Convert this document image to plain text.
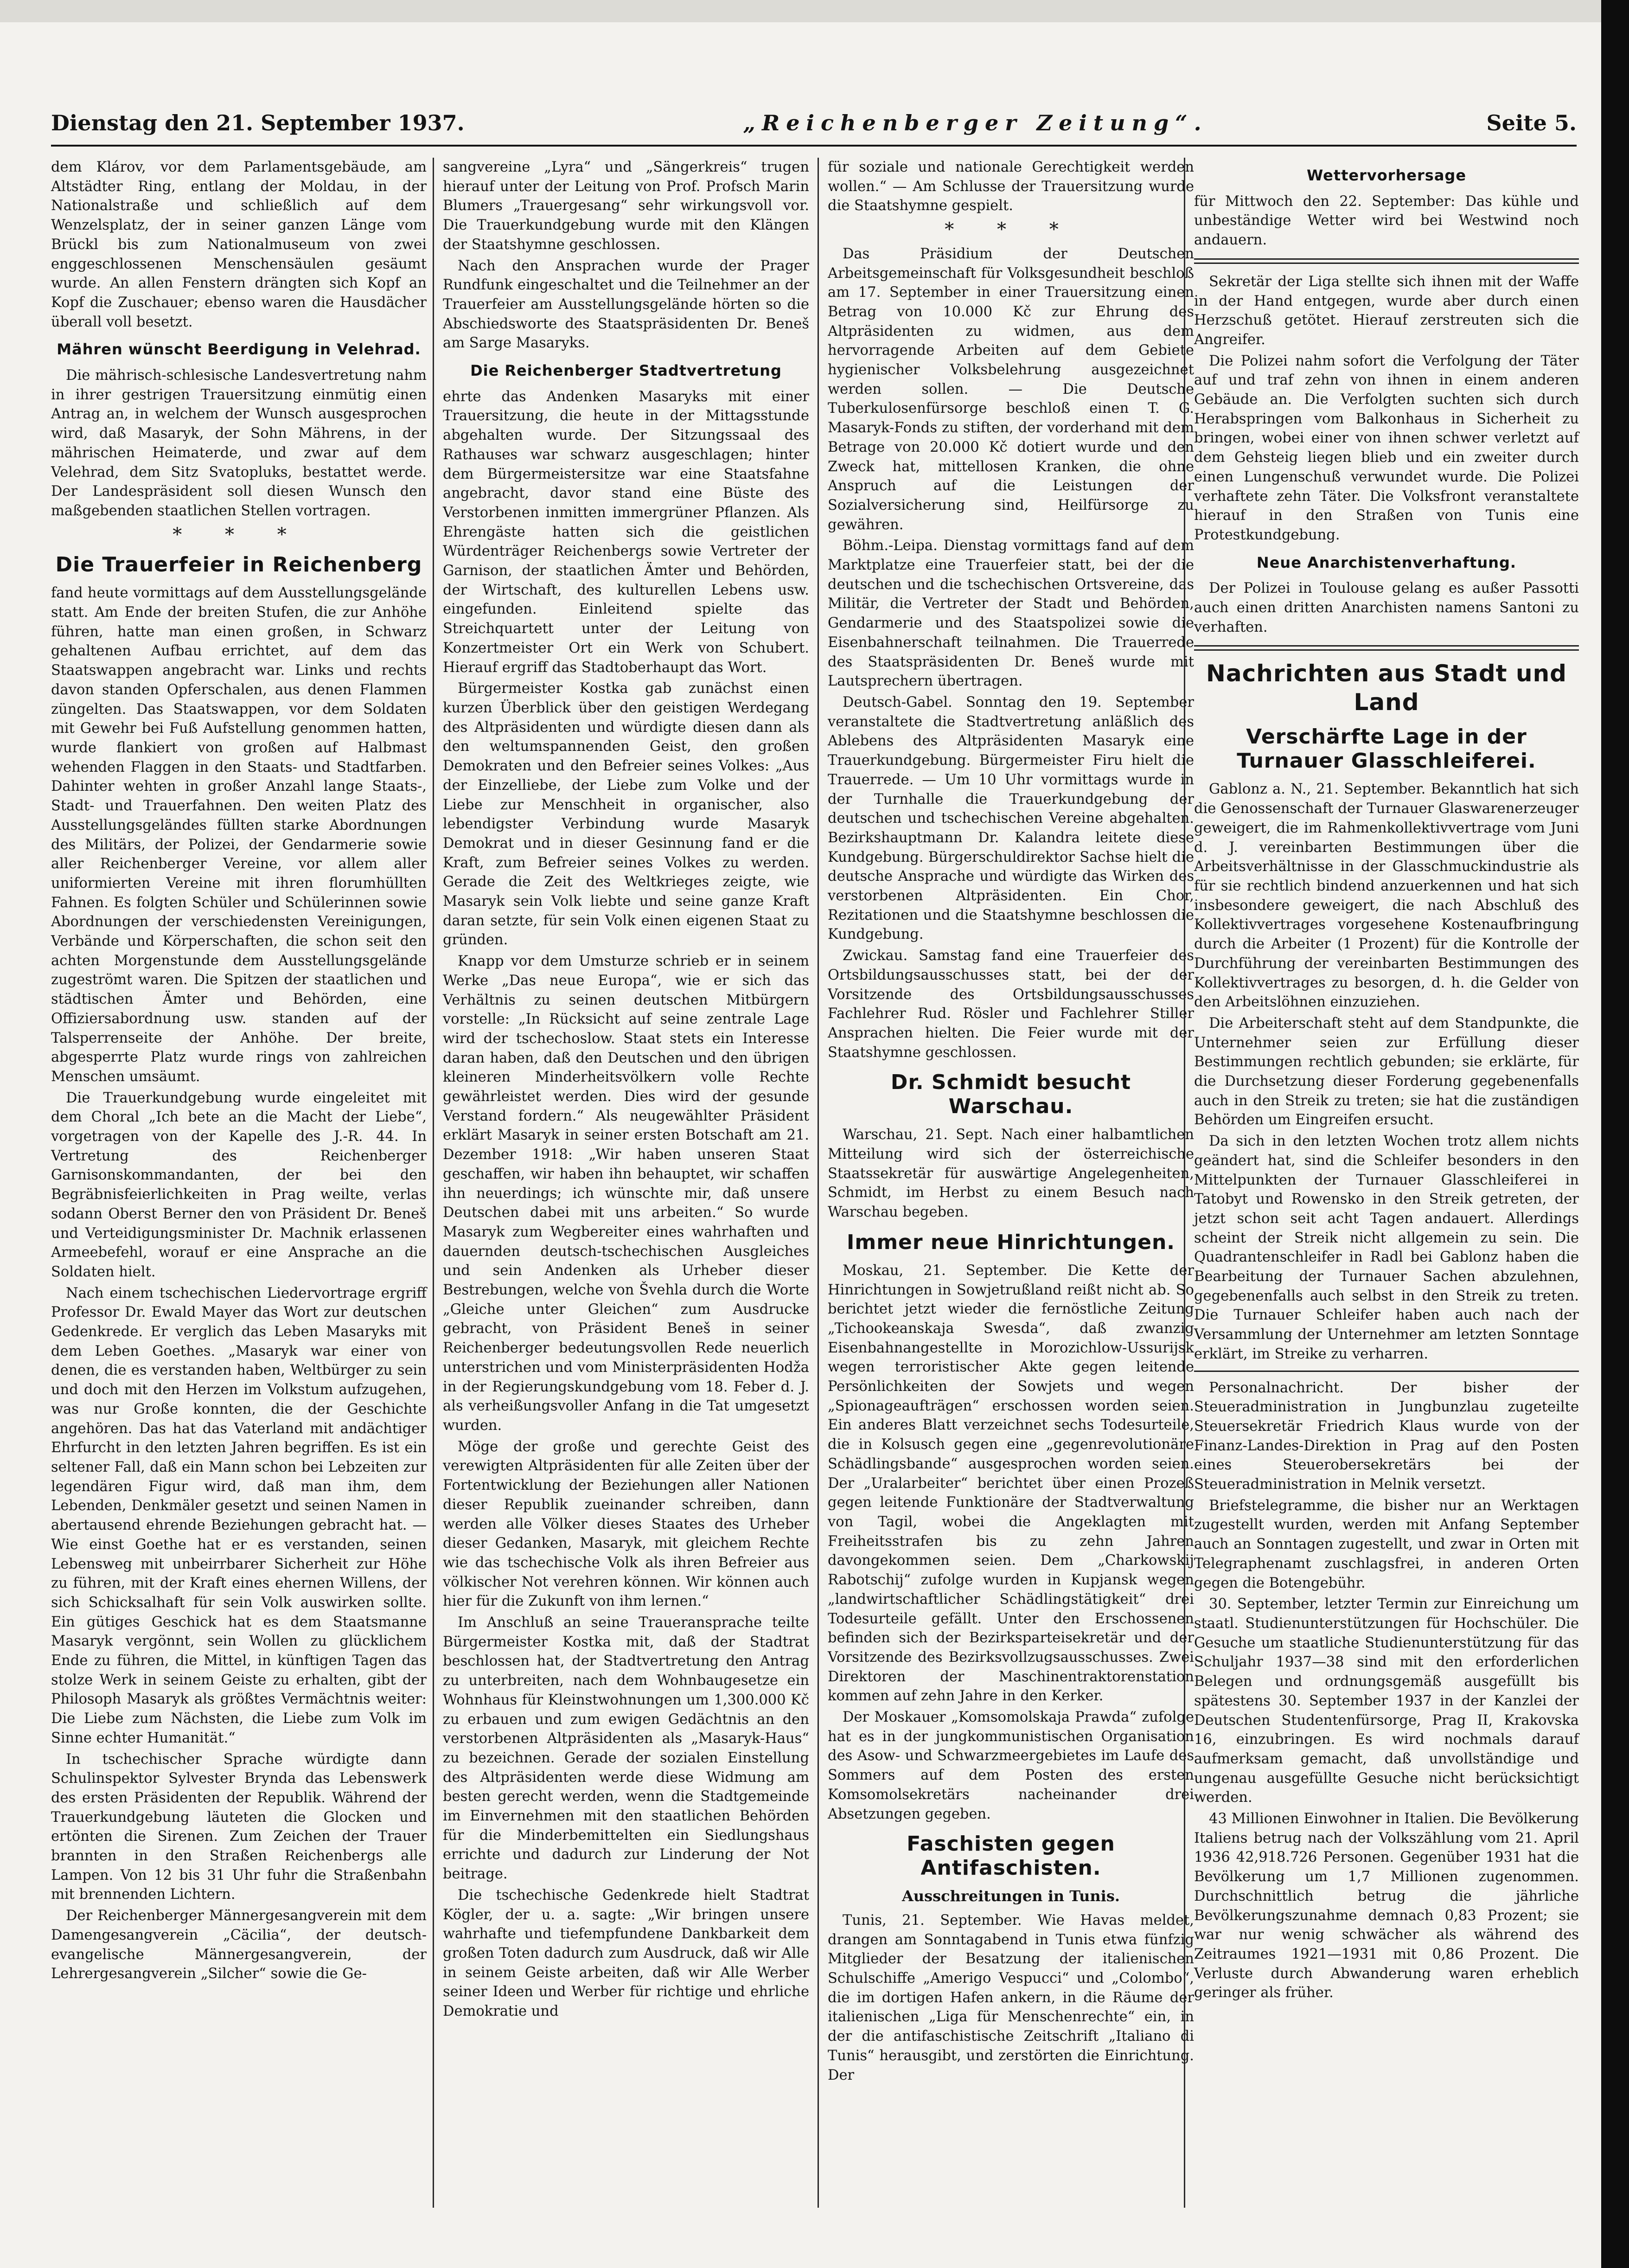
Dienstag den 21. September 1937.	„Reichenberger Zeitung“.	Seite 5.

dem Klárov, vor dem Parlamentsgebäude, am Altstädter Ring, entlang der Moldau, in der Nationalstraße und schließlich auf dem Wenzelsplatz, der in seiner ganzen Länge vom Brückl bis zum Nationalmuseum von zwei enggeschlossenen Menschensäulen gesäumt wurde. An allen Fenstern drängten sich Kopf an Kopf die Zuschauer; ebenso waren die Hausdächer überall voll besetzt.

Mähren wünscht Beerdigung in Velehrad.

Die mährisch-schlesische Landesvertretung nahm in ihrer gestrigen Trauersitzung einmütig einen Antrag an, in welchem der Wunsch ausgesprochen wird, daß Masaryk, der Sohn Mährens, in der mährischen Heimaterde, und zwar auf dem Velehrad, dem Sitz Svatopluks, bestattet werde. Der Landespräsident soll diesen Wunsch den maßgebenden staatlichen Stellen vortragen.

* * *
Die Trauerfeier in Reichenberg

fand heute vormittags auf dem Ausstellungsgelände statt. Am Ende der breiten Stufen, die zur Anhöhe führen, hatte man einen großen, in Schwarz gehaltenen Aufbau errichtet, auf dem das Staatswappen angebracht war. Links und rechts davon standen Opferschalen, aus denen Flammen züngelten. Das Staatswappen, vor dem Soldaten mit Gewehr bei Fuß Aufstellung genommen hatten, wurde flankiert von großen auf Halbmast wehenden Flaggen in den Staats- und Stadtfarben. Dahinter wehten in großer Anzahl lange Staats-, Stadt- und Trauerfahnen. Den weiten Platz des Ausstellungsgeländes füllten starke Abordnungen des Militärs, der Polizei, der Gendarmerie sowie aller Reichenberger Vereine, vor allem aller uniformierten Vereine mit ihren florumhüllten Fahnen. Es folgten Schüler und Schülerinnen sowie Abordnungen der verschiedensten Vereinigungen, Verbände und Körperschaften, die schon seit den achten Morgenstunde dem Ausstellungsgelände zugeströmt waren. Die Spitzen der staatlichen und städtischen Ämter und Behörden, eine Offiziersabordnung usw. standen auf der Talsperrenseite der Anhöhe. Der breite, abgesperrte Platz wurde rings von zahlreichen Menschen umsäumt.

Die Trauerkundgebung wurde eingeleitet mit dem Choral „Ich bete an die Macht der Liebe“, vorgetragen von der Kapelle des J.-R. 44. In Vertretung des Reichenberger Garnisonskommandanten, der bei den Begräbnisfeierlichkeiten in Prag weilte, verlas sodann Oberst Berner den von Präsident Dr. Beneš und Verteidigungsminister Dr. Machnik erlassenen Armeebefehl, worauf er eine Ansprache an die Soldaten hielt.

Nach einem tschechischen Liedervortrage ergriff Professor Dr. Ewald Mayer das Wort zur deutschen Gedenkrede. Er verglich das Leben Masaryks mit dem Leben Goethes. „Masaryk war einer von denen, die es verstanden haben, Weltbürger zu sein und doch mit den Herzen im Volkstum aufzugehen, was nur Große konnten, die der Geschichte angehören. Das hat das Vaterland mit andächtiger Ehrfurcht in den letzten Jahren begriffen. Es ist ein seltener Fall, daß ein Mann schon bei Lebzeiten zur legendären Figur wird, daß man ihm, dem Lebenden, Denkmäler gesetzt und seinen Namen in abertausend ehrende Beziehungen gebracht hat. — Wie einst Goethe hat er es verstanden, seinen Lebensweg mit unbeirrbarer Sicherheit zur Höhe zu führen, mit der Kraft eines ehernen Willens, der sich Schicksalhaft für sein Volk auswirken sollte. Ein gütiges Geschick hat es dem Staatsmanne Masaryk vergönnt, sein Wollen zu glücklichem Ende zu führen, die Mittel, in künftigen Tagen das stolze Werk in seinem Geiste zu erhalten, gibt der Philosoph Masaryk als größtes Vermächtnis weiter: Die Liebe zum Nächsten, die Liebe zum Volk im Sinne echter Humanität.“

In tschechischer Sprache würdigte dann Schulinspektor Sylvester Brynda das Lebenswerk des ersten Präsidenten der Republik. Während der Trauerkundgebung läuteten die Glocken und ertönten die Sirenen. Zum Zeichen der Trauer brannten in den Straßen Reichenbergs alle Lampen. Von 12 bis 31 Uhr fuhr die Straßenbahn mit brennenden Lichtern.

Der Reichenberger Männergesangverein mit dem Damengesangverein „Cäcilia“, der deutsch-evangelische Männergesangverein, der Lehrergesangverein „Silcher“ sowie die Ge-

sangvereine „Lyra“ und „Sängerkreis“ trugen hierauf unter der Leitung von Prof. Profsch Marin Blumers „Trauergesang“ sehr wirkungsvoll vor. Die Trauerkundgebung wurde mit den Klängen der Staatshymne geschlossen.

Nach den Ansprachen wurde der Prager Rundfunk eingeschaltet und die Teilnehmer an der Trauerfeier am Ausstellungsgelände hörten so die Abschiedsworte des Staatspräsidenten Dr. Beneš am Sarge Masaryks.

Die Reichenberger Stadtvertretung

ehrte das Andenken Masaryks mit einer Trauersitzung, die heute in der Mittagsstunde abgehalten wurde. Der Sitzungssaal des Rathauses war schwarz ausgeschlagen; hinter dem Bürgermeistersitze war eine Staatsfahne angebracht, davor stand eine Büste des Verstorbenen inmitten immergrüner Pflanzen. Als Ehrengäste hatten sich die geistlichen Würdenträger Reichenbergs sowie Vertreter der Garnison, der staatlichen Ämter und Behörden, der Wirtschaft, des kulturellen Lebens usw. eingefunden. Einleitend spielte das Streichquartett unter der Leitung von Konzertmeister Ort ein Werk von Schubert. Hierauf ergriff das Stadtoberhaupt das Wort.

Bürgermeister Kostka gab zunächst einen kurzen Überblick über den geistigen Werdegang des Altpräsidenten und würdigte diesen dann als den weltumspannenden Geist, den großen Demokraten und den Befreier seines Volkes: „Aus der Einzelliebe, der Liebe zum Volke und der Liebe zur Menschheit in organischer, also lebendigster Verbindung wurde Masaryk Demokrat und in dieser Gesinnung fand er die Kraft, zum Befreier seines Volkes zu werden. Gerade die Zeit des Weltkrieges zeigte, wie Masaryk sein Volk liebte und seine ganze Kraft daran setzte, für sein Volk einen eigenen Staat zu gründen.

Knapp vor dem Umsturze schrieb er in seinem Werke „Das neue Europa“, wie er sich das Verhältnis zu seinen deutschen Mitbürgern vorstelle: „In Rücksicht auf seine zentrale Lage wird der tschechoslow. Staat stets ein Interesse daran haben, daß den Deutschen und den übrigen kleineren Minderheitsvölkern volle Rechte gewährleistet werden. Dies wird der gesunde Verstand fordern.“ Als neugewählter Präsident erklärt Masaryk in seiner ersten Botschaft am 21. Dezember 1918: „Wir haben unseren Staat geschaffen, wir haben ihn behauptet, wir schaffen ihn neuerdings; ich wünschte mir, daß unsere Deutschen dabei mit uns arbeiten.“ So wurde Masaryk zum Wegbereiter eines wahrhaften und dauernden deutsch-tschechischen Ausgleiches und sein Andenken als Urheber dieser Bestrebungen, welche von Švehla durch die Worte „Gleiche unter Gleichen“ zum Ausdrucke gebracht, von Präsident Beneš in seiner Reichenberger bedeutungsvollen Rede neuerlich unterstrichen und vom Ministerpräsidenten Hodža in der Regierungskundgebung vom 18. Feber d. J. als verheißungsvoller Anfang in die Tat umgesetzt wurden.

Möge der große und gerechte Geist des verewigten Altpräsidenten für alle Zeiten über der Fortentwicklung der Beziehungen aller Nationen dieser Republik zueinander schreiben, dann werden alle Völker dieses Staates des Urheber dieser Gedanken, Masaryk, mit gleichem Rechte wie das tschechische Volk als ihren Befreier aus völkischer Not verehren können. Wir können auch hier für die Zukunft von ihm lernen.“

Im Anschluß an seine Traueransprache teilte Bürgermeister Kostka mit, daß der Stadtrat beschlossen hat, der Stadtvertretung den Antrag zu unterbreiten, nach dem Wohnbaugesetze ein Wohnhaus für Kleinstwohnungen um 1,300.000 Kč zu erbauen und zum ewigen Gedächtnis an den verstorbenen Altpräsidenten als „Masaryk-Haus“ zu bezeichnen. Gerade der sozialen Einstellung des Altpräsidenten werde diese Widmung am besten gerecht werden, wenn die Stadtgemeinde im Einvernehmen mit den staatlichen Behörden für die Minderbemittelten ein Siedlungshaus errichte und dadurch zur Linderung der Not beitrage.

Die tschechische Gedenkrede hielt Stadtrat Kögler, der u. a. sagte: „Wir bringen unsere wahrhafte und tiefempfundene Dankbarkeit dem großen Toten dadurch zum Ausdruck, daß wir Alle in seinem Geiste arbeiten, daß wir Alle Werber seiner Ideen und Werber für richtige und ehrliche Demokratie und

für soziale und nationale Gerechtigkeit werden wollen.“ — Am Schlusse der Trauersitzung wurde die Staatshymne gespielt.

* * *

Das Präsidium der Deutschen Arbeitsgemeinschaft für Volksgesundheit beschloß am 17. September in einer Trauersitzung einen Betrag von 10.000 Kč zur Ehrung des Altpräsidenten zu widmen, aus dem hervorragende Arbeiten auf dem Gebiete hygienischer Volksbelehrung ausgezeichnet werden sollen. — Die Deutsche Tuberkulosenfürsorge beschloß einen T. G. Masaryk-Fonds zu stiften, der vorderhand mit dem Betrage von 20.000 Kč dotiert wurde und den Zweck hat, mittellosen Kranken, die ohne Anspruch auf die Leistungen der Sozialversicherung sind, Heilfürsorge zu gewähren.

Böhm.-Leipa. Dienstag vormittags fand auf dem Marktplatze eine Trauerfeier statt, bei der die deutschen und die tschechischen Ortsvereine, das Militär, die Vertreter der Stadt und Behörden, Gendarmerie und des Staatspolizei sowie die Eisenbahnerschaft teilnahmen. Die Trauerrede des Staatspräsidenten Dr. Beneš wurde mit Lautsprechern übertragen.

Deutsch-Gabel. Sonntag den 19. September veranstaltete die Stadtvertretung anläßlich des Ablebens des Altpräsidenten Masaryk eine Trauerkundgebung. Bürgermeister Firu hielt die Trauerrede. — Um 10 Uhr vormittags wurde in der Turnhalle die Trauerkundgebung der deutschen und tschechischen Vereine abgehalten. Bezirkshauptmann Dr. Kalandra leitete diese Kundgebung. Bürgerschuldirektor Sachse hielt die deutsche Ansprache und würdigte das Wirken des verstorbenen Altpräsidenten. Ein Chor, Rezitationen und die Staatshymne beschlossen die Kundgebung.

Zwickau. Samstag fand eine Trauerfeier des Ortsbildungsausschusses statt, bei der der Vorsitzende des Ortsbildungsausschusses Fachlehrer Rud. Rösler und Fachlehrer Stiller Ansprachen hielten. Die Feier wurde mit der Staatshymne geschlossen.

Dr. Schmidt besucht Warschau.

Warschau, 21. Sept. Nach einer halbamtlichen Mitteilung wird sich der österreichische Staatssekretär für auswärtige Angelegenheiten, Schmidt, im Herbst zu einem Besuch nach Warschau begeben.

Immer neue Hinrichtungen.

Moskau, 21. September. Die Kette der Hinrichtungen in Sowjetrußland reißt nicht ab. So berichtet jetzt wieder die fernöstliche Zeitung „Tichookeanskaja Swesda“, daß zwanzig Eisenbahnangestellte in Morozichlow-Ussurijsk wegen terroristischer Akte gegen leitende Persönlichkeiten der Sowjets und wegen „Spionageaufträgen“ erschossen worden seien. Ein anderes Blatt verzeichnet sechs Todesurteile, die in Kolsusch gegen eine „gegenrevolutionäre Schädlingsbande“ ausgesprochen worden seien. Der „Uralarbeiter“ berichtet über einen Prozeß gegen leitende Funktionäre der Stadtverwaltung von Tagil, wobei die Angeklagten mit Freiheitsstrafen bis zu zehn Jahren davongekommen seien. Dem „Charkowskij Rabotschij“ zufolge wurden in Kupjansk wegen „landwirtschaftlicher Schädlingstätigkeit“ drei Todesurteile gefällt. Unter den Erschossenen befinden sich der Bezirksparteisekretär und der Vorsitzende des Bezirksvollzugsausschusses. Zwei Direktoren der Maschinentraktorenstation kommen auf zehn Jahre in den Kerker.

Der Moskauer „Komsomolskaja Prawda“ zufolge hat es in der jungkommunistischen Organisation des Asow- und Schwarzmeergebietes im Laufe des Sommers auf dem Posten des ersten Komsomolsekretärs nacheinander drei Absetzungen gegeben.

Faschisten gegen Antifaschisten.
Ausschreitungen in Tunis.

Tunis, 21. September. Wie Havas meldet, drangen am Sonntagabend in Tunis etwa fünfzig Mitglieder der Besatzung der italienischen Schulschiffe „Amerigo Vespucci“ und „Colombo“, die im dortigen Hafen ankern, in die Räume der italienischen „Liga für Menschenrechte“ ein, in der die antifaschistische Zeitschrift „Italiano di Tunis“ herausgibt, und zerstörten die Einrichtung. Der

Wettervorhersage

für Mittwoch den 22. September: Das kühle und unbeständige Wetter wird bei Westwind noch andauern.

Sekretär der Liga stellte sich ihnen mit der Waffe in der Hand entgegen, wurde aber durch einen Herzschuß getötet. Hierauf zerstreuten sich die Angreifer.

Die Polizei nahm sofort die Verfolgung der Täter auf und traf zehn von ihnen in einem anderen Gebäude an. Die Verfolgten suchten sich durch Herabspringen vom Balkonhaus in Sicherheit zu bringen, wobei einer von ihnen schwer verletzt auf dem Gehsteig liegen blieb und ein zweiter durch einen Lungenschuß verwundet wurde. Die Polizei verhaftete zehn Täter. Die Volksfront veranstaltete hierauf in den Straßen von Tunis eine Protestkundgebung.

Neue Anarchistenverhaftung.

Der Polizei in Toulouse gelang es außer Passotti auch einen dritten Anarchisten namens Santoni zu verhaften.

Nachrichten aus Stadt und Land
Verschärfte Lage in der Turnauer Glasschleiferei.

Gablonz a. N., 21. September. Bekanntlich hat sich die Genossenschaft der Turnauer Glaswarenerzeuger geweigert, die im Rahmenkollektivvertrage vom Juni d. J. vereinbarten Bestimmungen über die Arbeitsverhältnisse in der Glasschmuckindustrie als für sie rechtlich bindend anzuerkennen und hat sich insbesondere geweigert, die nach Abschluß des Kollektivvertrages vorgesehene Kostenaufbringung durch die Arbeiter (1 Prozent) für die Kontrolle der Durchführung der vereinbarten Bestimmungen des Kollektivvertrages zu besorgen, d. h. die Gelder von den Arbeitslöhnen einzuziehen.

Die Arbeiterschaft steht auf dem Standpunkte, die Unternehmer seien zur Erfüllung dieser Bestimmungen rechtlich gebunden; sie erklärte, für die Durchsetzung dieser Forderung gegebenenfalls auch in den Streik zu treten; sie hat die zuständigen Behörden um Eingreifen ersucht.

Da sich in den letzten Wochen trotz allem nichts geändert hat, sind die Schleifer besonders in den Mittelpunkten der Turnauer Glasschleiferei in Tatobyt und Rowensko in den Streik getreten, der jetzt schon seit acht Tagen andauert. Allerdings scheint der Streik nicht allgemein zu sein. Die Quadrantenschleifer in Radl bei Gablonz haben die Bearbeitung der Turnauer Sachen abzulehnen, gegebenenfalls auch selbst in den Streik zu treten. Die Turnauer Schleifer haben auch nach der Versammlung der Unternehmer am letzten Sonntage erklärt, im Streike zu verharren.

Personalnachricht. Der bisher der Steueradministration in Jungbunzlau zugeteilte Steuersekretär Friedrich Klaus wurde von der Finanz-Landes-Direktion in Prag auf den Posten eines Steuerobersekretärs bei der Steueradministration in Melnik versetzt.

Briefstelegramme, die bisher nur an Werktagen zugestellt wurden, werden mit Anfang September auch an Sonntagen zugestellt, und zwar in Orten mit Telegraphenamt zuschlagsfrei, in anderen Orten gegen die Botengebühr.

30. September, letzter Termin zur Einreichung um staatl. Studienunterstützungen für Hochschüler. Die Gesuche um staatliche Studienunterstützung für das Schuljahr 1937—38 sind mit den erforderlichen Belegen und ordnungsgemäß ausgefüllt bis spätestens 30. September 1937 in der Kanzlei der Deutschen Studentenfürsorge, Prag II, Krakovska 16, einzubringen. Es wird nochmals darauf aufmerksam gemacht, daß unvollständige und ungenau ausgefüllte Gesuche nicht berücksichtigt werden.

43 Millionen Einwohner in Italien. Die Bevölkerung Italiens betrug nach der Volkszählung vom 21. April 1936 42,918.726 Personen. Gegenüber 1931 hat die Bevölkerung um 1,7 Millionen zugenommen. Durchschnittlich betrug die jährliche Bevölkerungszunahme demnach 0,83 Prozent; sie war nur wenig schwächer als während des Zeitraumes 1921—1931 mit 0,86 Prozent. Die Verluste durch Abwanderung waren erheblich geringer als früher.
